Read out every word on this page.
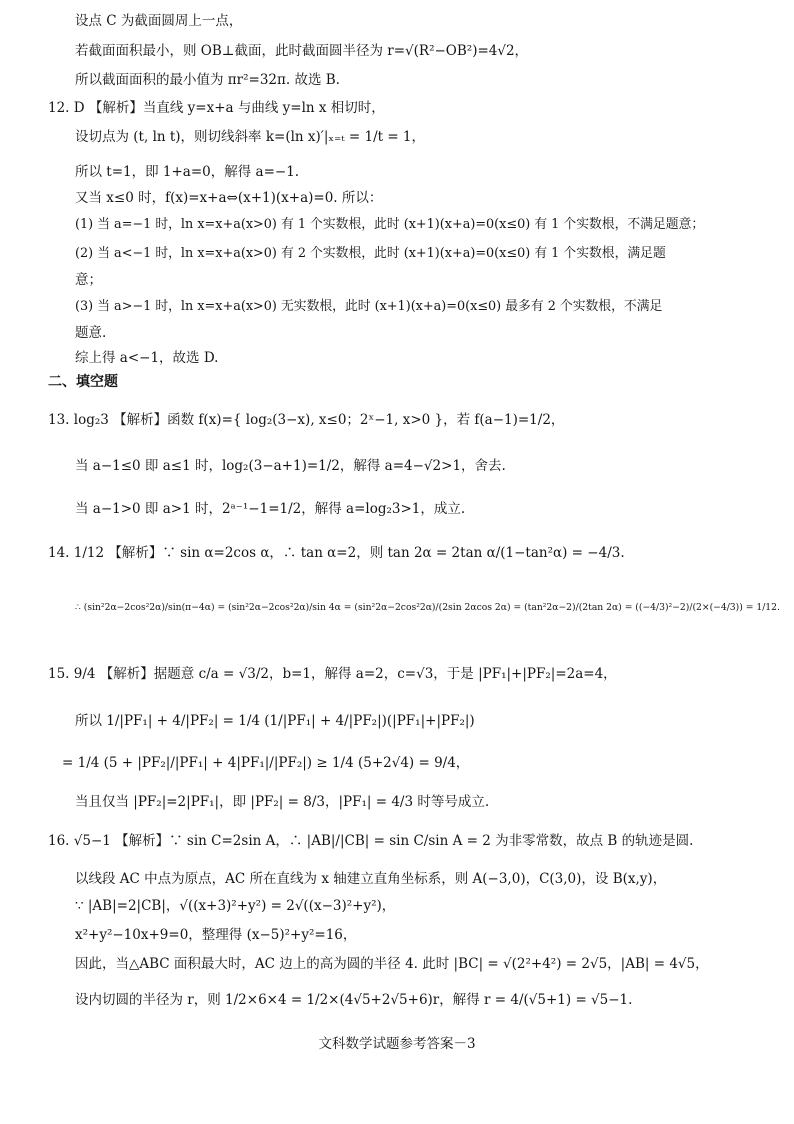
设点 C 为截面圆周上一点，
若截面面积最小，则 OB⊥截面，此时截面圆半径为 r=√(R²−OB²)=4√2，
所以截面面积的最小值为 πr²=32π. 故选 B.
12. D 【解析】当直线 y=x+a 与曲线 y=ln x 相切时，
设切点为 (t, ln t)，则切线斜率 k=(ln x)′|ₓ₌ₜ = 1/t = 1，
所以 t=1，即 1+a=0，解得 a=−1.
又当 x≤0 时，f(x)=x+a⇔(x+1)(x+a)=0. 所以：
(1) 当 a=−1 时，ln x=x+a(x>0) 有 1 个实数根，此时 (x+1)(x+a)=0(x≤0) 有 1 个实数根，不满足题意；
(2) 当 a<−1 时，ln x=x+a(x>0) 有 2 个实数根，此时 (x+1)(x+a)=0(x≤0) 有 1 个实数根，满足题
意；
(3) 当 a>−1 时，ln x=x+a(x>0) 无实数根，此时 (x+1)(x+a)=0(x≤0) 最多有 2 个实数根，不满足
题意.
综上得 a<−1，故选 D.
二、填空题
13. log₂3 【解析】函数 f(x)={ log₂(3−x), x≤0；2ˣ−1, x>0 }，若 f(a−1)=1/2，
当 a−1≤0 即 a≤1 时，log₂(3−a+1)=1/2，解得 a=4−√2>1，舍去.
当 a−1>0 即 a>1 时，2ᵃ⁻¹−1=1/2，解得 a=log₂3>1，成立.
14. 1/12 【解析】∵ sin α=2cos α，∴ tan α=2，则 tan 2α = 2tan α/(1−tan²α) = −4/3.
∴ (sin²2α−2cos²2α)/sin(π−4α) = (sin²2α−2cos²2α)/sin 4α = (sin²2α−2cos²2α)/(2sin 2αcos 2α) = (tan²2α−2)/(2tan 2α) = ((−4/3)²−2)/(2×(−4/3)) = 1/12.
15. 9/4 【解析】据题意 c/a = √3/2，b=1，解得 a=2，c=√3，于是 |PF₁|+|PF₂|=2a=4，
所以 1/|PF₁| + 4/|PF₂| = 1/4 (1/|PF₁| + 4/|PF₂|)(|PF₁|+|PF₂|)
= 1/4 (5 + |PF₂|/|PF₁| + 4|PF₁|/|PF₂|) ≥ 1/4 (5+2√4) = 9/4，
当且仅当 |PF₂|=2|PF₁|，即 |PF₂| = 8/3，|PF₁| = 4/3 时等号成立.
16. √5−1 【解析】∵ sin C=2sin A，∴ |AB|/|CB| = sin C/sin A = 2 为非零常数，故点 B 的轨迹是圆.
以线段 AC 中点为原点，AC 所在直线为 x 轴建立直角坐标系，则 A(−3,0)，C(3,0)，设 B(x,y)，
∵ |AB|=2|CB|，√((x+3)²+y²) = 2√((x−3)²+y²)，
x²+y²−10x+9=0，整理得 (x−5)²+y²=16，
因此，当△ABC 面积最大时，AC 边上的高为圆的半径 4. 此时 |BC| = √(2²+4²) = 2√5，|AB| = 4√5，
设内切圆的半径为 r，则 1/2×6×4 = 1/2×(4√5+2√5+6)r，解得 r = 4/(√5+1) = √5−1.
文科数学试题参考答案－3
